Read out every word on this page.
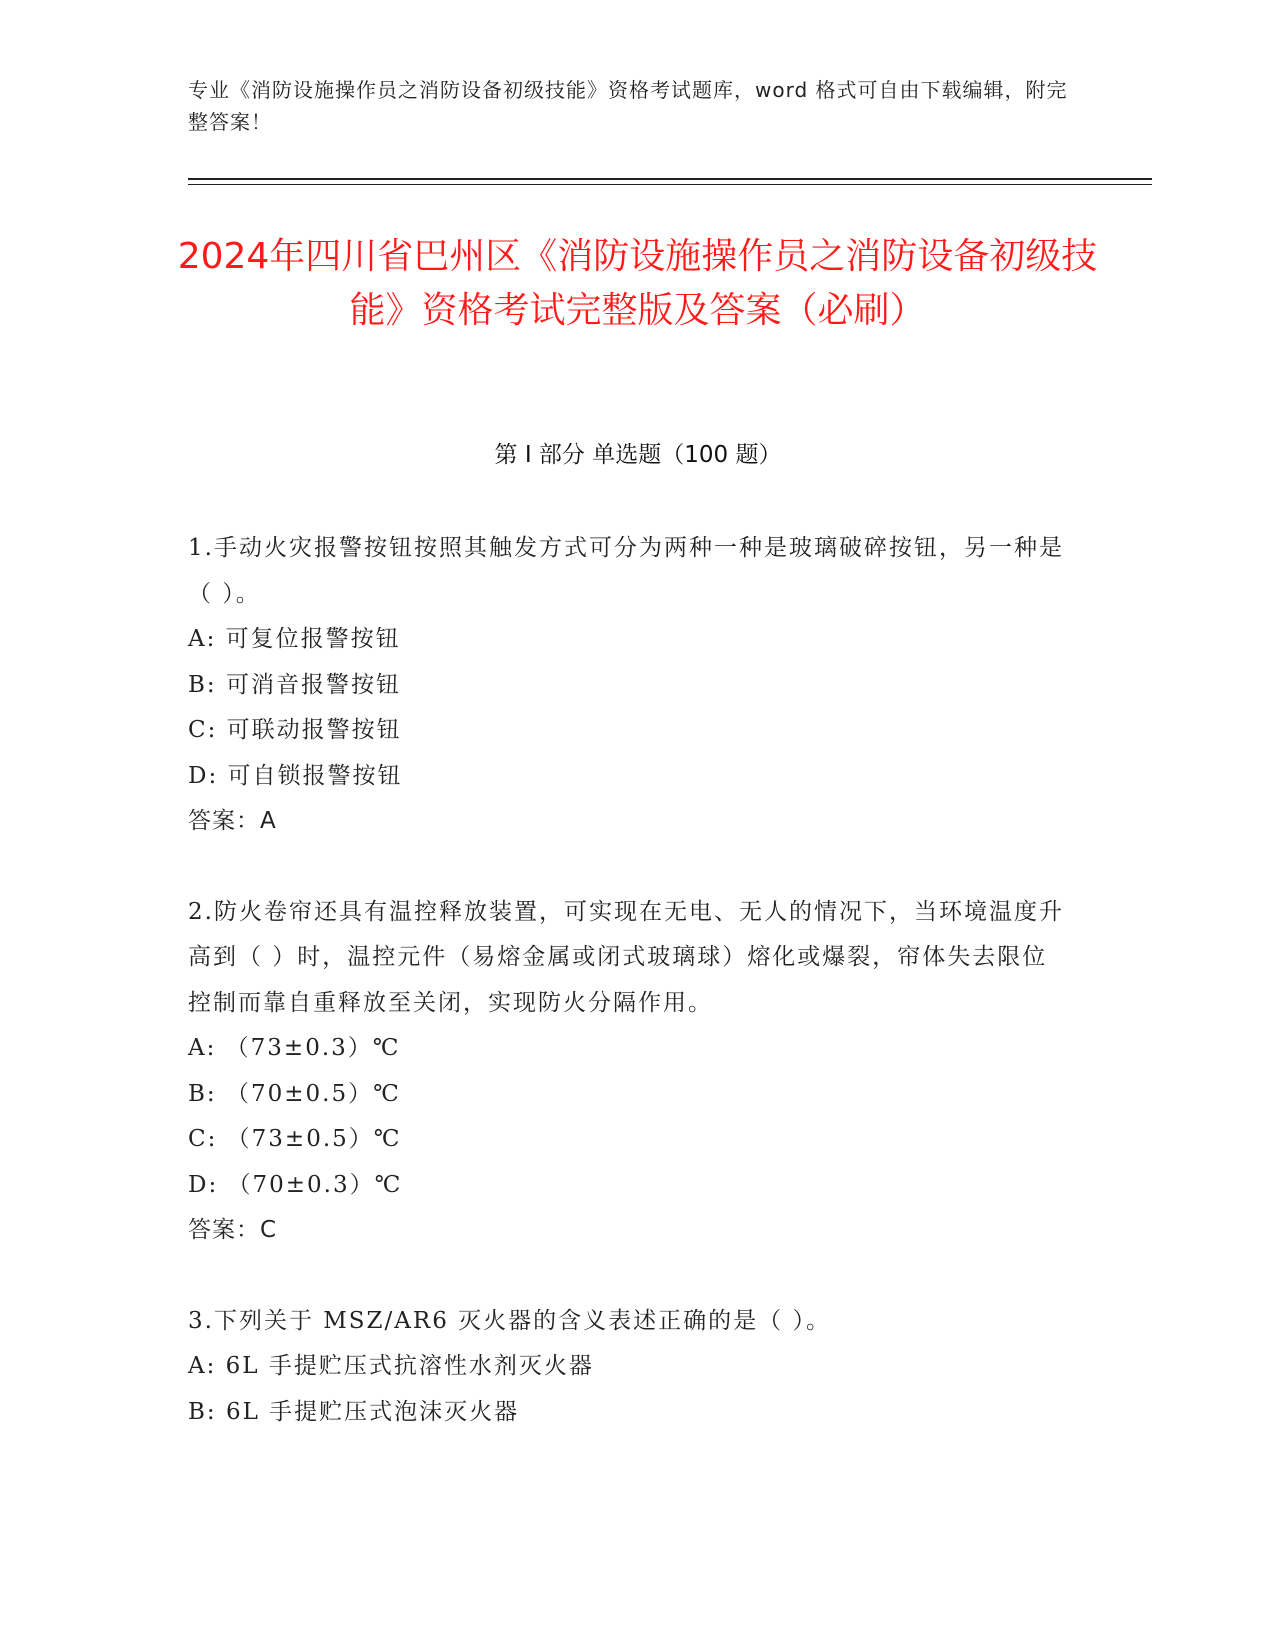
专业《消防设施操作员之消防设备初级技能》资格考试题库，word 格式可自由下载编辑，附完整答案！
2024年四川省巴州区《消防设施操作员之消防设备初级技能》资格考试完整版及答案（必刷）
第 I 部分 单选题（100 题）

1.手动火灾报警按钮按照其触发方式可分为两种一种是玻璃破碎按钮，另一种是（ ）。

A: 可复位报警按钮

B: 可消音报警按钮

C: 可联动报警按钮

D: 可自锁报警按钮

答案：A

2.防火卷帘还具有温控释放装置，可实现在无电、无人的情况下，当环境温度升高到（ ）时，温控元件（易熔金属或闭式玻璃球）熔化或爆裂，帘体失去限位控制而靠自重释放至关闭，实现防火分隔作用。

A: （73±0.3）℃

B: （70±0.5）℃

C: （73±0.5）℃

D: （70±0.3）℃

答案：C

3.下列关于 MSZ/AR6 灭火器的含义表述正确的是（ ）。

A: 6L 手提贮压式抗溶性水剂灭火器

B: 6L 手提贮压式泡沫灭火器
